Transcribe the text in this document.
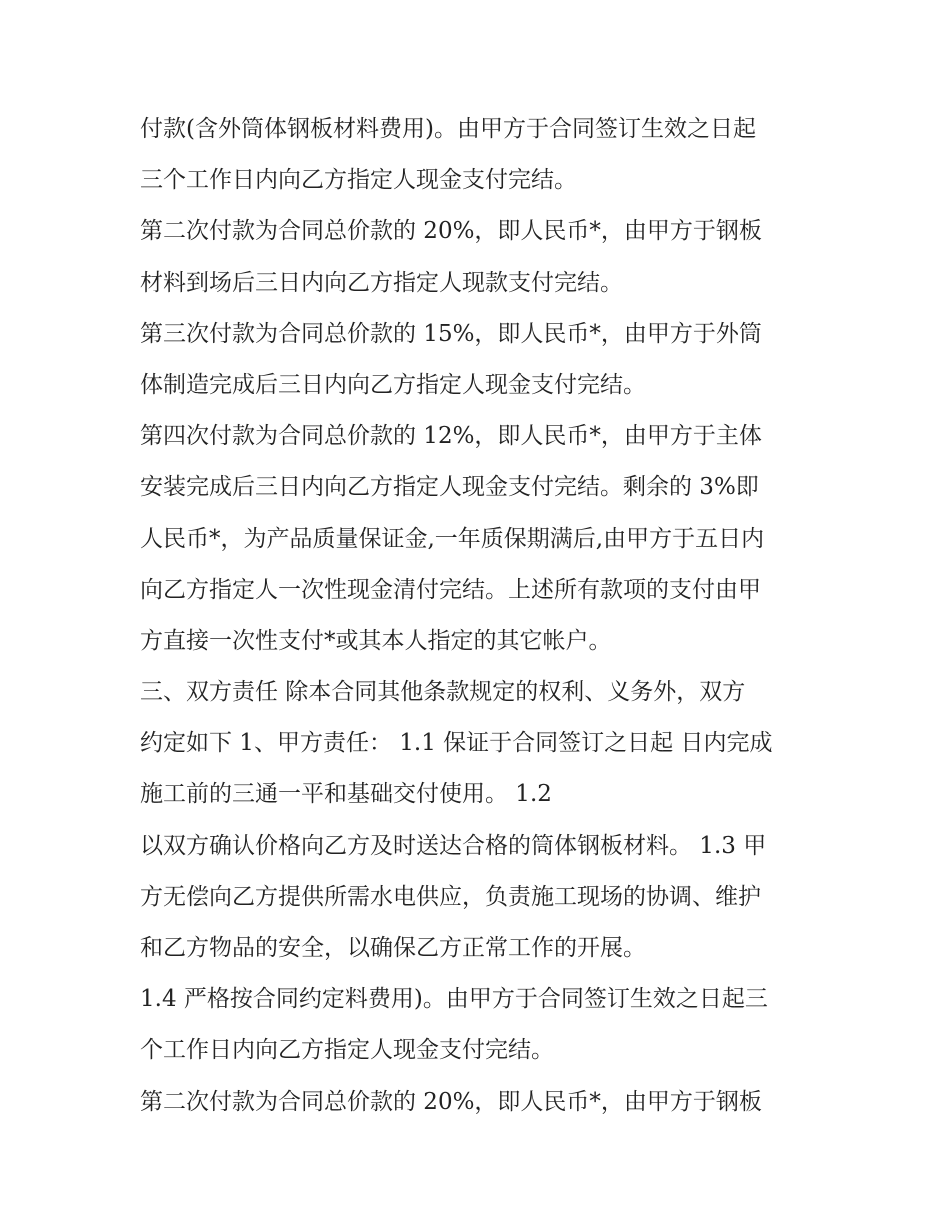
付款(含外筒体钢板材料费用)。由甲方于合同签订生效之日起
三个工作日内向乙方指定人现金支付完结。
第二次付款为合同总价款的 20%，即人民币*，由甲方于钢板
材料到场后三日内向乙方指定人现款支付完结。
第三次付款为合同总价款的 15%，即人民币*，由甲方于外筒
体制造完成后三日内向乙方指定人现金支付完结。
第四次付款为合同总价款的 12%，即人民币*，由甲方于主体
安装完成后三日内向乙方指定人现金支付完结。剩余的 3%即
人民币*，为产品质量保证金,一年质保期满后,由甲方于五日内
向乙方指定人一次性现金清付完结。上述所有款项的支付由甲
方直接一次性支付*或其本人指定的其它帐户。
三、双方责任 除本合同其他条款规定的权利、义务外，双方
约定如下 1、甲方责任： 1.1 保证于合同签订之日起 日内完成
施工前的三通一平和基础交付使用。 1.2
以双方确认价格向乙方及时送达合格的筒体钢板材料。 1.3 甲
方无偿向乙方提供所需水电供应，负责施工现场的协调、维护
和乙方物品的安全，以确保乙方正常工作的开展。
1.4 严格按合同约定料费用)。由甲方于合同签订生效之日起三
个工作日内向乙方指定人现金支付完结。
第二次付款为合同总价款的 20%，即人民币*，由甲方于钢板
